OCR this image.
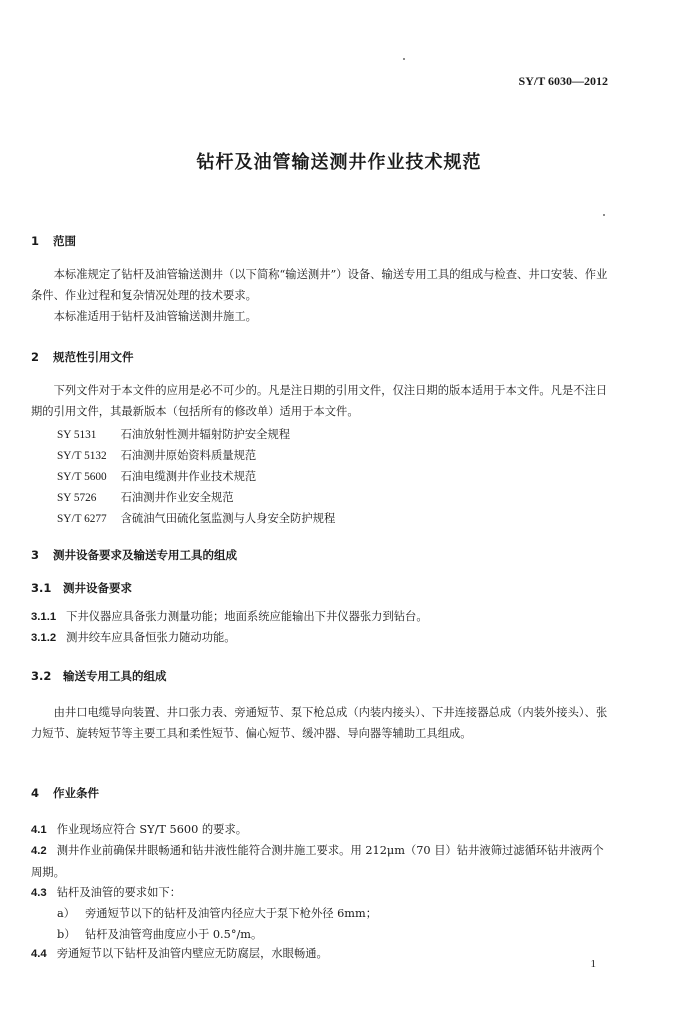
SY/T 6030—2012
钻杆及油管输送测井作业技术规范
1 范围
本标准规定了钻杆及油管输送测井（以下简称“输送测井”）设备、输送专用工具的组成与检查、井口安装、作业条件、作业过程和复杂情况处理的技术要求。
本标准适用于钻杆及油管输送测井施工。
2 规范性引用文件
下列文件对于本文件的应用是必不可少的。凡是注日期的引用文件，仅注日期的版本适用于本文件。凡是不注日期的引用文件，其最新版本（包括所有的修改单）适用于本文件。
SY 5131 石油放射性测井辐射防护安全规程
SY/T 5132 石油测井原始资料质量规范
SY/T 5600 石油电缆测井作业技术规范
SY 5726 石油测井作业安全规范
SY/T 6277 含硫油气田硫化氢监测与人身安全防护规程
3 测井设备要求及输送专用工具的组成
3.1 测井设备要求
3.1.1 下井仪器应具备张力测量功能；地面系统应能输出下井仪器张力到钻台。
3.1.2 测井绞车应具备恒张力随动功能。
3.2 输送专用工具的组成
由井口电缆导向装置、井口张力表、旁通短节、泵下枪总成（内装内接头）、下井连接器总成（内装外接头）、张力短节、旋转短节等主要工具和柔性短节、偏心短节、缓冲器、导向器等辅助工具组成。
4 作业条件
4.1 作业现场应符合 SY/T 5600 的要求。
4.2 测井作业前确保井眼畅通和钻井液性能符合测井施工要求。用 212μm（70 目）钻井液筛过滤循环钻井液两个周期。
4.3 钻杆及油管的要求如下：
a） 旁通短节以下的钻杆及油管内径应大于泵下枪外径 6mm；
b） 钻杆及油管弯曲度应小于 0.5°/m。
4.4 旁通短节以下钻杆及油管内壁应无防腐层，水眼畅通。
1
